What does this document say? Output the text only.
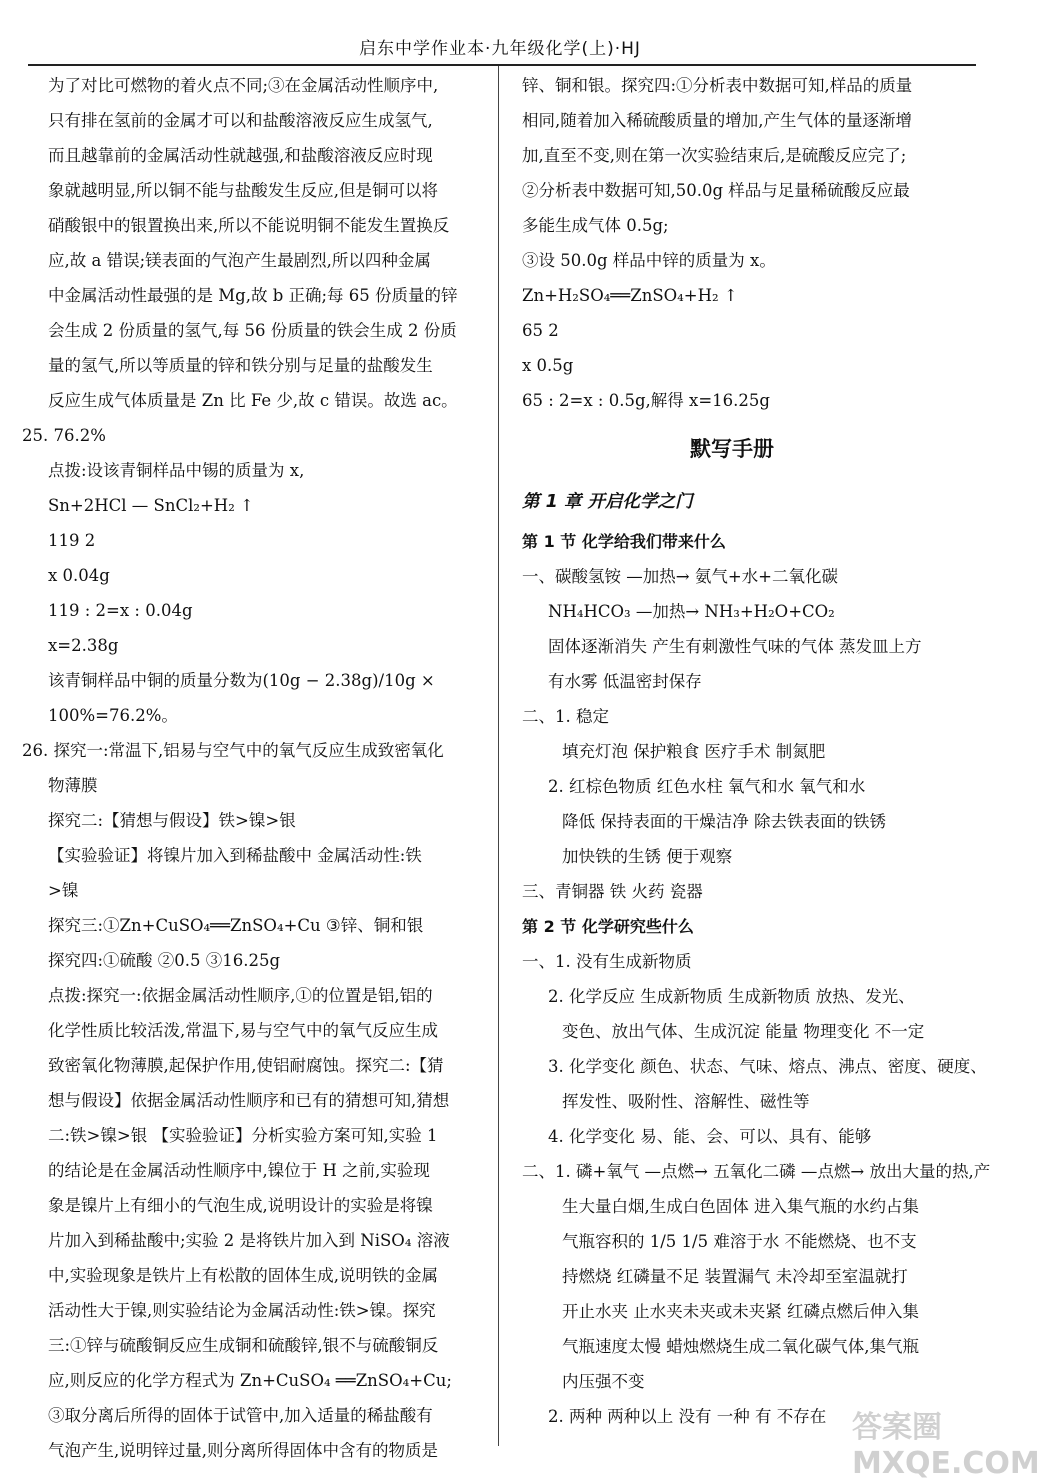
启东中学作业本·九年级化学(上)·HJ
为了对比可燃物的着火点不同;③在金属活动性顺序中,
只有排在氢前的金属才可以和盐酸溶液反应生成氢气,
而且越靠前的金属活动性就越强,和盐酸溶液反应时现
象就越明显,所以铜不能与盐酸发生反应,但是铜可以将
硝酸银中的银置换出来,所以不能说明铜不能发生置换反
应,故 a 错误;镁表面的气泡产生最剧烈,所以四种金属
中金属活动性最强的是 Mg,故 b 正确;每 65 份质量的锌
会生成 2 份质量的氢气,每 56 份质量的铁会生成 2 份质
量的氢气,所以等质量的锌和铁分别与足量的盐酸发生
反应生成气体质量是 Zn 比 Fe 少,故 c 错误。故选 ac。
25. 76.2%
点拨:设该青铜样品中锡的质量为 x,
Sn+2HCl — SnCl₂+H₂ ↑
119 2
x 0.04g
119 : 2=x : 0.04g
x=2.38g
该青铜样品中铜的质量分数为(10g − 2.38g)/10g ×
100%=76.2%。
26. 探究一:常温下,铝易与空气中的氧气反应生成致密氧化
物薄膜
探究二:【猜想与假设】铁>镍>银
【实验验证】将镍片加入到稀盐酸中 金属活动性:铁
>镍
探究三:①Zn+CuSO₄══ZnSO₄+Cu ③锌、铜和银
探究四:①硫酸 ②0.5 ③16.25g
点拨:探究一:依据金属活动性顺序,①的位置是铝,铝的
化学性质比较活泼,常温下,易与空气中的氧气反应生成
致密氧化物薄膜,起保护作用,使铝耐腐蚀。探究二:【猜
想与假设】依据金属活动性顺序和已有的猜想可知,猜想
二:铁>镍>银 【实验验证】分析实验方案可知,实验 1
的结论是在金属活动性顺序中,镍位于 H 之前,实验现
象是镍片上有细小的气泡生成,说明设计的实验是将镍
片加入到稀盐酸中;实验 2 是将铁片加入到 NiSO₄ 溶液
中,实验现象是铁片上有松散的固体生成,说明铁的金属
活动性大于镍,则实验结论为金属活动性:铁>镍。探究
三:①锌与硫酸铜反应生成铜和硫酸锌,银不与硫酸铜反
应,则反应的化学方程式为 Zn+CuSO₄ ══ZnSO₄+Cu;
③取分离后所得的固体于试管中,加入适量的稀盐酸有
气泡产生,说明锌过量,则分离所得固体中含有的物质是
锌、铜和银。探究四:①分析表中数据可知,样品的质量
相同,随着加入稀硫酸质量的增加,产生气体的量逐渐增
加,直至不变,则在第一次实验结束后,是硫酸反应完了;
②分析表中数据可知,50.0g 样品与足量稀硫酸反应最
多能生成气体 0.5g;
③设 50.0g 样品中锌的质量为 x。
Zn+H₂SO₄══ZnSO₄+H₂ ↑
65 2
x 0.5g
65 : 2=x : 0.5g,解得 x=16.25g
默写手册
第 1 章 开启化学之门
第 1 节 化学给我们带来什么
一、碳酸氢铵 —加热→ 氨气+水+二氧化碳
NH₄HCO₃ —加热→ NH₃+H₂O+CO₂
固体逐渐消失 产生有刺激性气味的气体 蒸发皿上方
有水雾 低温密封保存
二、1. 稳定
填充灯泡 保护粮食 医疗手术 制氮肥
2. 红棕色物质 红色水柱 氧气和水 氧气和水
降低 保持表面的干燥洁净 除去铁表面的铁锈
加快铁的生锈 便于观察
三、青铜器 铁 火药 瓷器
第 2 节 化学研究些什么
一、1. 没有生成新物质
2. 化学反应 生成新物质 生成新物质 放热、发光、
变色、放出气体、生成沉淀 能量 物理变化 不一定
3. 化学变化 颜色、状态、气味、熔点、沸点、密度、硬度、
挥发性、吸附性、溶解性、磁性等
4. 化学变化 易、能、会、可以、具有、能够
二、1. 磷+氧气 —点燃→ 五氧化二磷 —点燃→ 放出大量的热,产
生大量白烟,生成白色固体 进入集气瓶的水约占集
气瓶容积的 1/5 1/5 难溶于水 不能燃烧、也不支
持燃烧 红磷量不足 装置漏气 未冷却至室温就打
开止水夹 止水夹未夹或未夹紧 红磷点燃后伸入集
气瓶速度太慢 蜡烛燃烧生成二氧化碳气体,集气瓶
内压强不变
2. 两种 两种以上 没有 一种 有 不存在 答案圈 MXQE.COM
